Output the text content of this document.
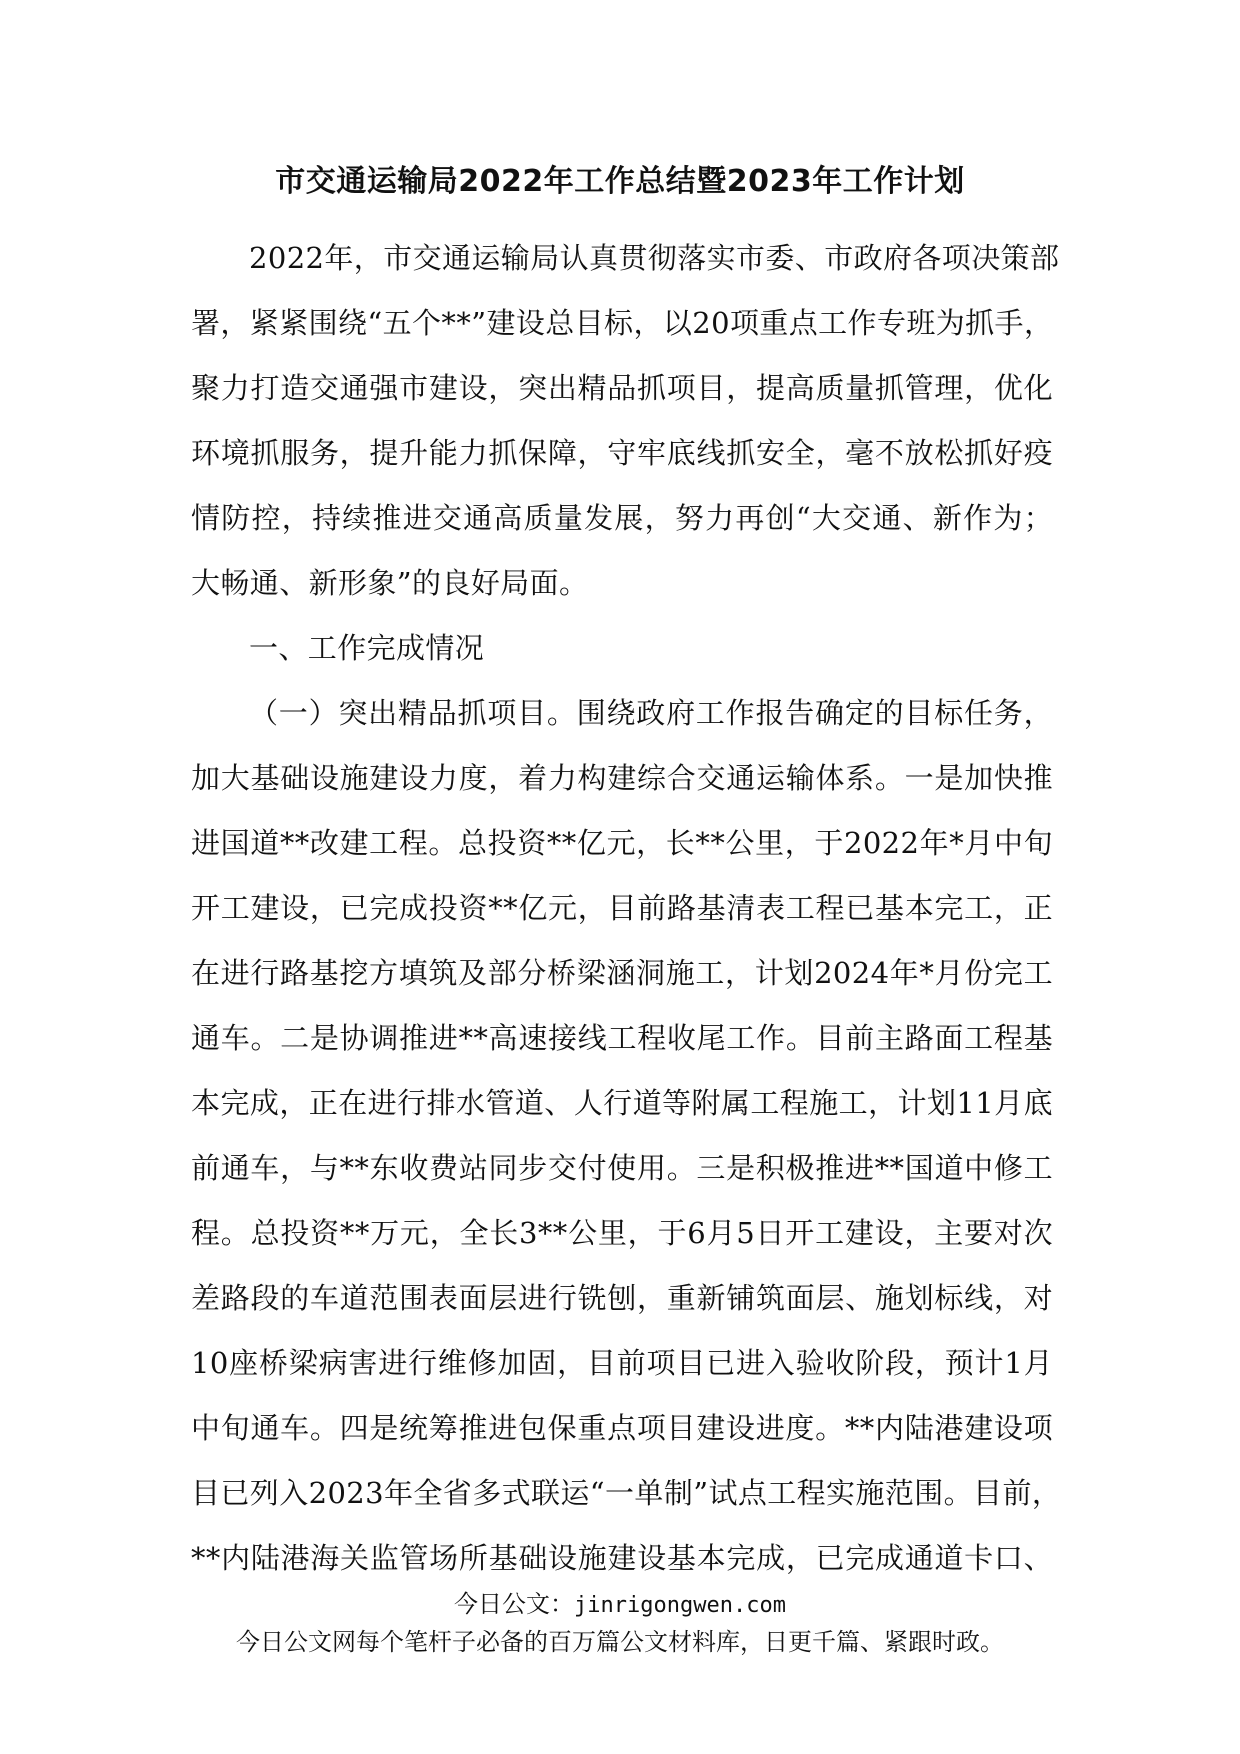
市交通运输局2022年工作总结暨2023年工作计划
2022年，市交通运输局认真贯彻落实市委、市政府各项决策部
署，紧紧围绕“五个**”建设总目标，以20项重点工作专班为抓手，
聚力打造交通强市建设，突出精品抓项目，提高质量抓管理，优化
环境抓服务，提升能力抓保障，守牢底线抓安全，毫不放松抓好疫
情防控，持续推进交通高质量发展，努力再创“大交通、新作为；
大畅通、新形象”的良好局面。
一、工作完成情况
（一）突出精品抓项目。围绕政府工作报告确定的目标任务，
加大基础设施建设力度，着力构建综合交通运输体系。一是加快推
进国道**改建工程。总投资**亿元，长**公里，于2022年*月中旬
开工建设，已完成投资**亿元，目前路基清表工程已基本完工，正
在进行路基挖方填筑及部分桥梁涵洞施工，计划2024年*月份完工
通车。二是协调推进**高速接线工程收尾工作。目前主路面工程基
本完成，正在进行排水管道、人行道等附属工程施工，计划11月底
前通车，与**东收费站同步交付使用。三是积极推进**国道中修工
程。总投资**万元，全长3**公里，于6月5日开工建设，主要对次
差路段的车道范围表面层进行铣刨，重新铺筑面层、施划标线，对
10座桥梁病害进行维修加固，目前项目已进入验收阶段，预计1月
中旬通车。四是统筹推进包保重点项目建设进度。**内陆港建设项
目已列入2023年全省多式联运“一单制”试点工程实施范围。目前，
**内陆港海关监管场所基础设施建设基本完成，已完成通道卡口、
今日公文：jinrigongwen.com
今日公文网每个笔杆子必备的百万篇公文材料库，日更千篇、紧跟时政。
